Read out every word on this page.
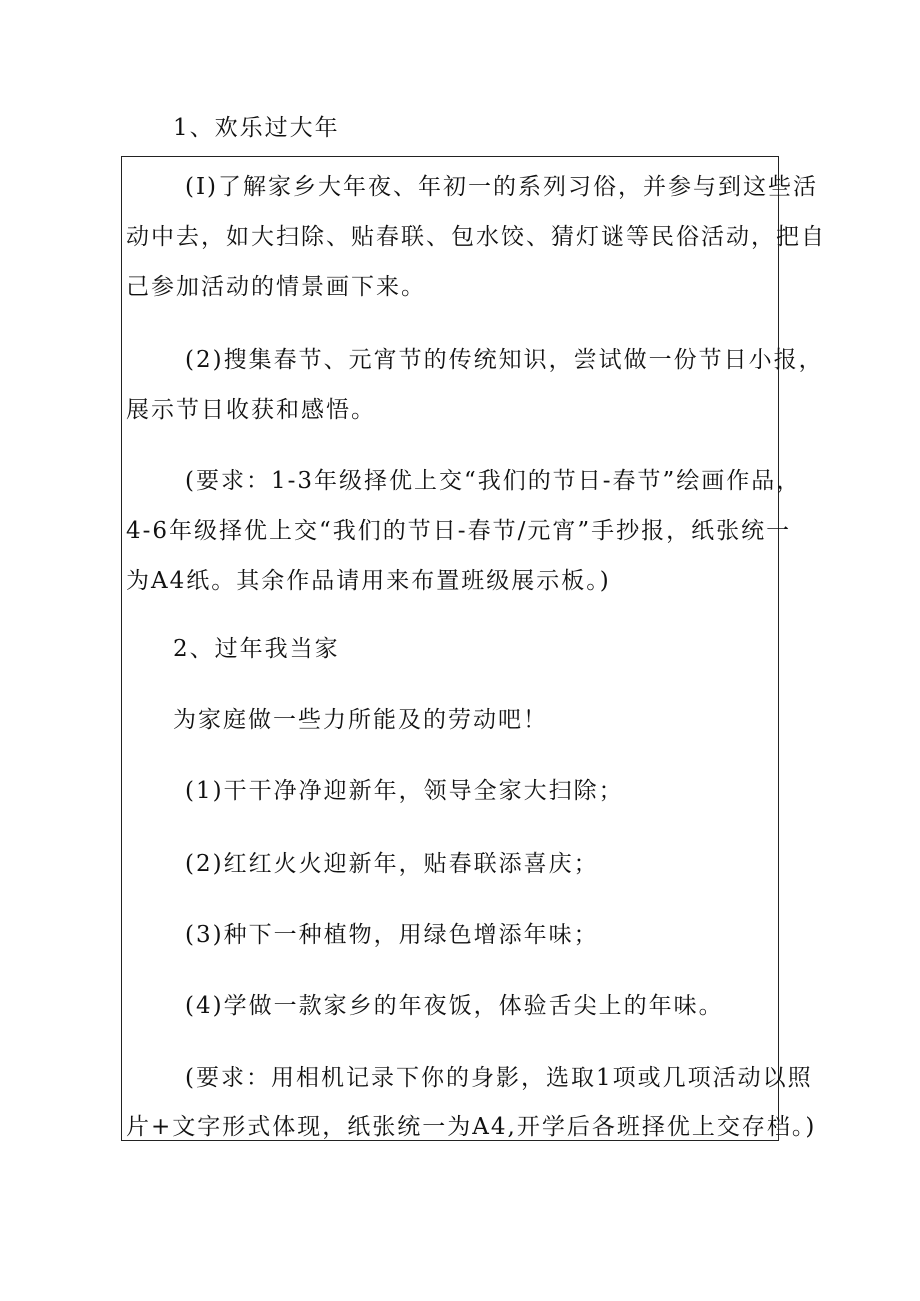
1、欢乐过大年
(I)了解家乡大年夜、年初一的系列习俗，并参与到这些活
动中去，如大扫除、贴春联、包水饺、猜灯谜等民俗活动，把自
己参加活动的情景画下来。
(2)搜集春节、元宵节的传统知识，尝试做一份节日小报，
展示节日收获和感悟。
(要求：1-3年级择优上交“我们的节日-春节”绘画作品，
4-6年级择优上交“我们的节日-春节/元宵”手抄报，纸张统一
为A4纸。其余作品请用来布置班级展示板。)
2、过年我当家
为家庭做一些力所能及的劳动吧！
(1)干干净净迎新年，领导全家大扫除；
(2)红红火火迎新年，贴春联添喜庆；
(3)种下一种植物，用绿色增添年味；
(4)学做一款家乡的年夜饭，体验舌尖上的年味。
(要求：用相机记录下你的身影，选取1项或几项活动以照
片+文字形式体现，纸张统一为A4,开学后各班择优上交存档。)
